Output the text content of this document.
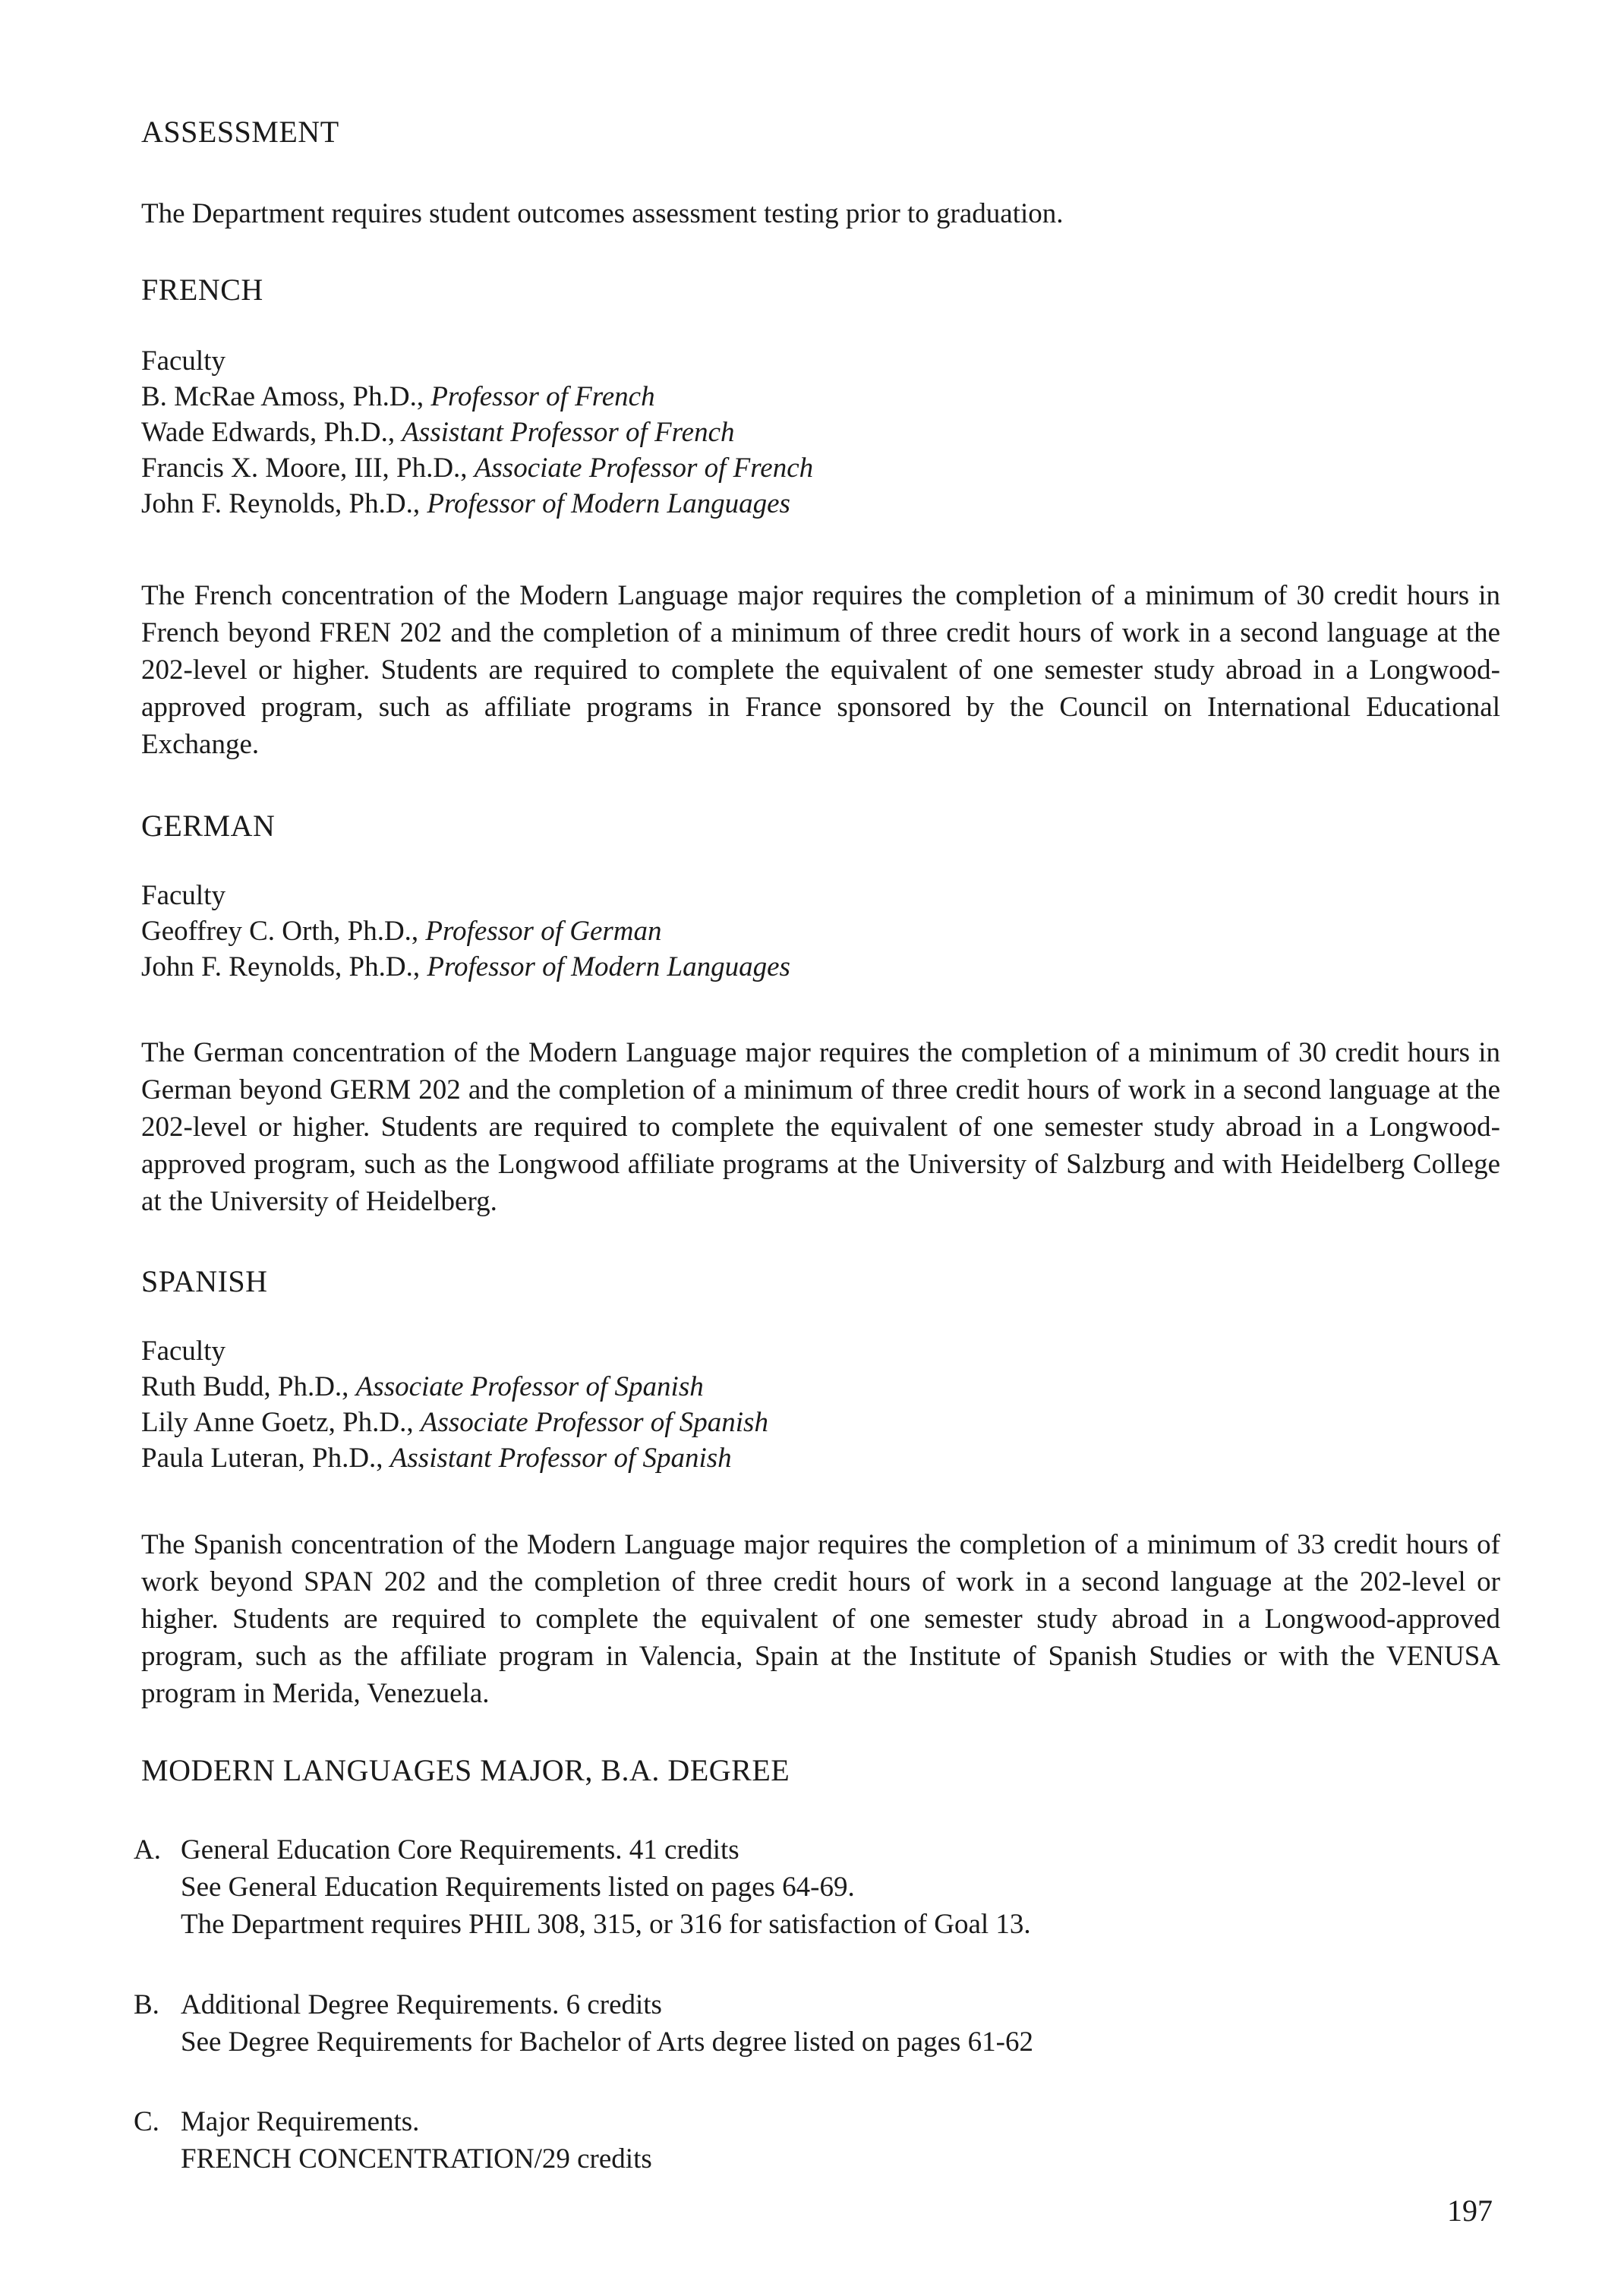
ASSESSMENT

The Department requires student outcomes assessment testing prior to graduation.

FRENCH

Faculty

B. McRae Amoss, Ph.D., Professor of French

Wade Edwards, Ph.D., Assistant Professor of French

Francis X. Moore, III, Ph.D., Associate Professor of French

John F. Reynolds, Ph.D., Professor of Modern Languages

The French concentration of the Modern Language major requires the completion of a minimum of 30 credit hours in French beyond FREN 202 and the completion of a minimum of three credit hours of work in a second language at the 202-level or higher. Students are required to complete the equivalent of one semester study abroad in a Longwood-approved program, such as affiliate programs in France sponsored by the Council on International Educational Exchange.

GERMAN

Faculty

Geoffrey C. Orth, Ph.D., Professor of German

John F. Reynolds, Ph.D., Professor of Modern Languages

The German concentration of the Modern Language major requires the completion of a minimum of 30 credit hours in German beyond GERM 202 and the completion of a minimum of three credit hours of work in a second language at the 202-level or higher. Students are required to complete the equivalent of one semester study abroad in a Longwood-approved program, such as the Longwood affiliate programs at the University of Salzburg and with Heidelberg College at the University of Heidelberg.

SPANISH

Faculty

Ruth Budd, Ph.D., Associate Professor of Spanish

Lily Anne Goetz, Ph.D., Associate Professor of Spanish

Paula Luteran, Ph.D., Assistant Professor of Spanish

The Spanish concentration of the Modern Language major requires the completion of a minimum of 33 credit hours of work beyond SPAN 202 and the completion of three credit hours of work in a second language at the 202-level or higher. Students are required to complete the equivalent of one semester study abroad in a Longwood-approved program, such as the affiliate program in Valencia, Spain at the Institute of Spanish Studies or with the VENUSA program in Merida, Venezuela.

MODERN LANGUAGES MAJOR, B.A. DEGREE

A. General Education Core Requirements. 41 credits

See General Education Requirements listed on pages 64-69.

The Department requires PHIL 308, 315, or 316 for satisfaction of Goal 13.

B. Additional Degree Requirements. 6 credits

See Degree Requirements for Bachelor of Arts degree listed on pages 61-62

C. Major Requirements.

FRENCH CONCENTRATION/29 credits

197
